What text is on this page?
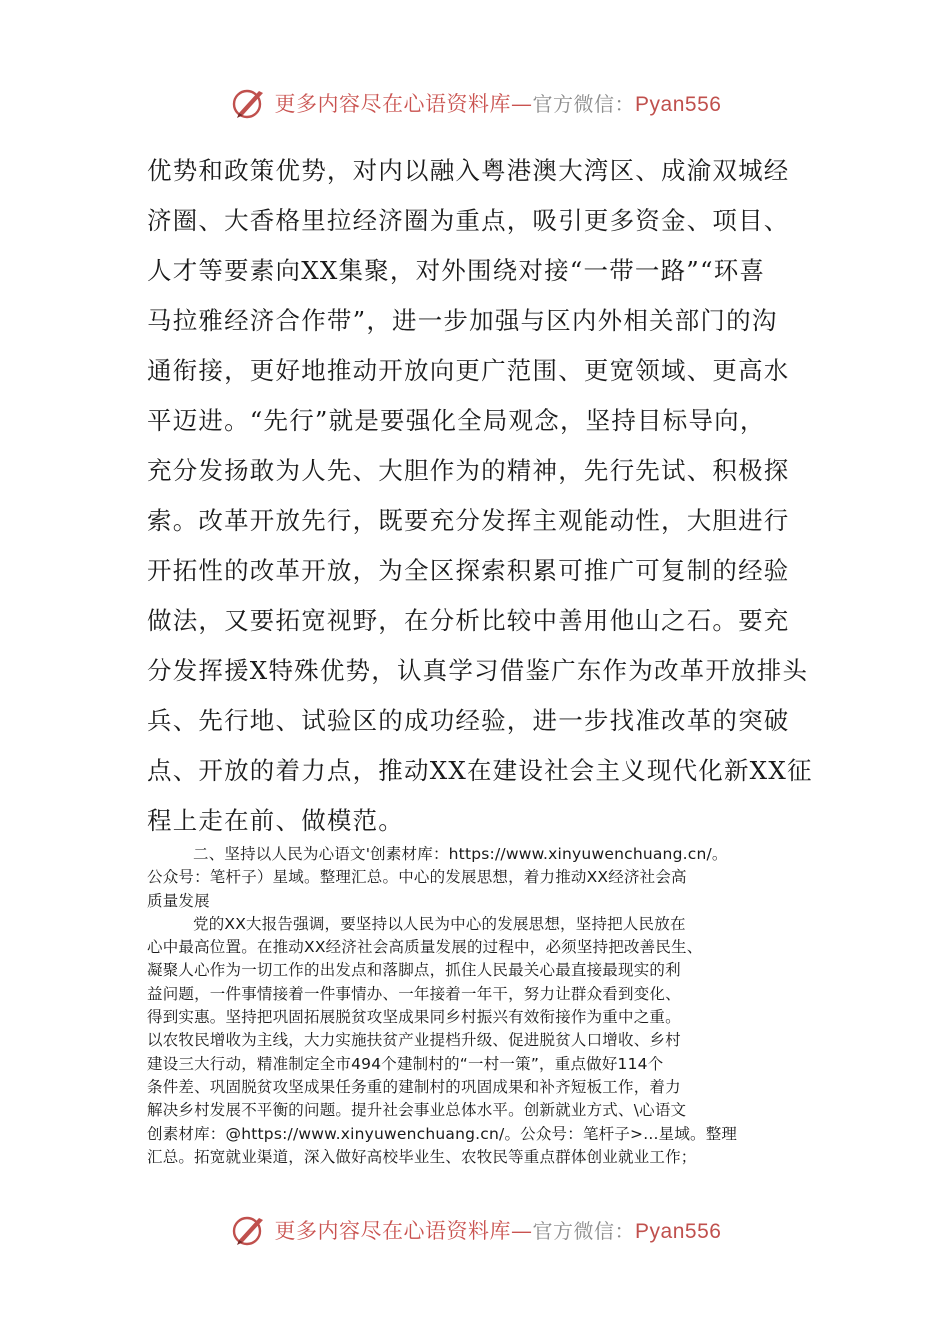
更多内容尽在心语资料库—官方微信：Pyan556
优势和政策优势，对内以融入粤港澳大湾区、成渝双城经
济圈、大香格里拉经济圈为重点，吸引更多资金、项目、
人才等要素向XX集聚，对外围绕对接“一带一路”“环喜
马拉雅经济合作带”，进一步加强与区内外相关部门的沟
通衔接，更好地推动开放向更广范围、更宽领域、更高水
平迈进。“先行”就是要强化全局观念，坚持目标导向，
充分发扬敢为人先、大胆作为的精神，先行先试、积极探
索。改革开放先行，既要充分发挥主观能动性，大胆进行
开拓性的改革开放，为全区探索积累可推广可复制的经验
做法，又要拓宽视野，在分析比较中善用他山之石。要充
分发挥援X特殊优势，认真学习借鉴广东作为改革开放排头
兵、先行地、试验区的成功经验，进一步找准改革的突破
点、开放的着力点，推动XX在建设社会主义现代化新XX征
程上走在前、做模范。
二、坚持以人民为心语文'创素材库：https://www.xinyuwenchuang.cn/。
公众号：笔杆子）星域。整理汇总。中心的发展思想，着力推动XX经济社会高
质量发展
党的XX大报告强调，要坚持以人民为中心的发展思想，坚持把人民放在
心中最高位置。在推动XX经济社会高质量发展的过程中，必须坚持把改善民生、
凝聚人心作为一切工作的出发点和落脚点，抓住人民最关心最直接最现实的利
益问题，一件事情接着一件事情办、一年接着一年干，努力让群众看到变化、
得到实惠。坚持把巩固拓展脱贫攻坚成果同乡村振兴有效衔接作为重中之重。
以农牧民增收为主线，大力实施扶贫产业提档升级、促进脱贫人口增收、乡村
建设三大行动，精准制定全市494个建制村的“一村一策”，重点做好114个
条件差、巩固脱贫攻坚成果任务重的建制村的巩固成果和补齐短板工作，着力
解决乡村发展不平衡的问题。提升社会事业总体水平。创新就业方式、\心语文
创素材库：@https://www.xinyuwenchuang.cn/。公众号：笔杆子>...星域。整理
汇总。拓宽就业渠道，深入做好高校毕业生、农牧民等重点群体创业就业工作；
更多内容尽在心语资料库—官方微信：Pyan556
